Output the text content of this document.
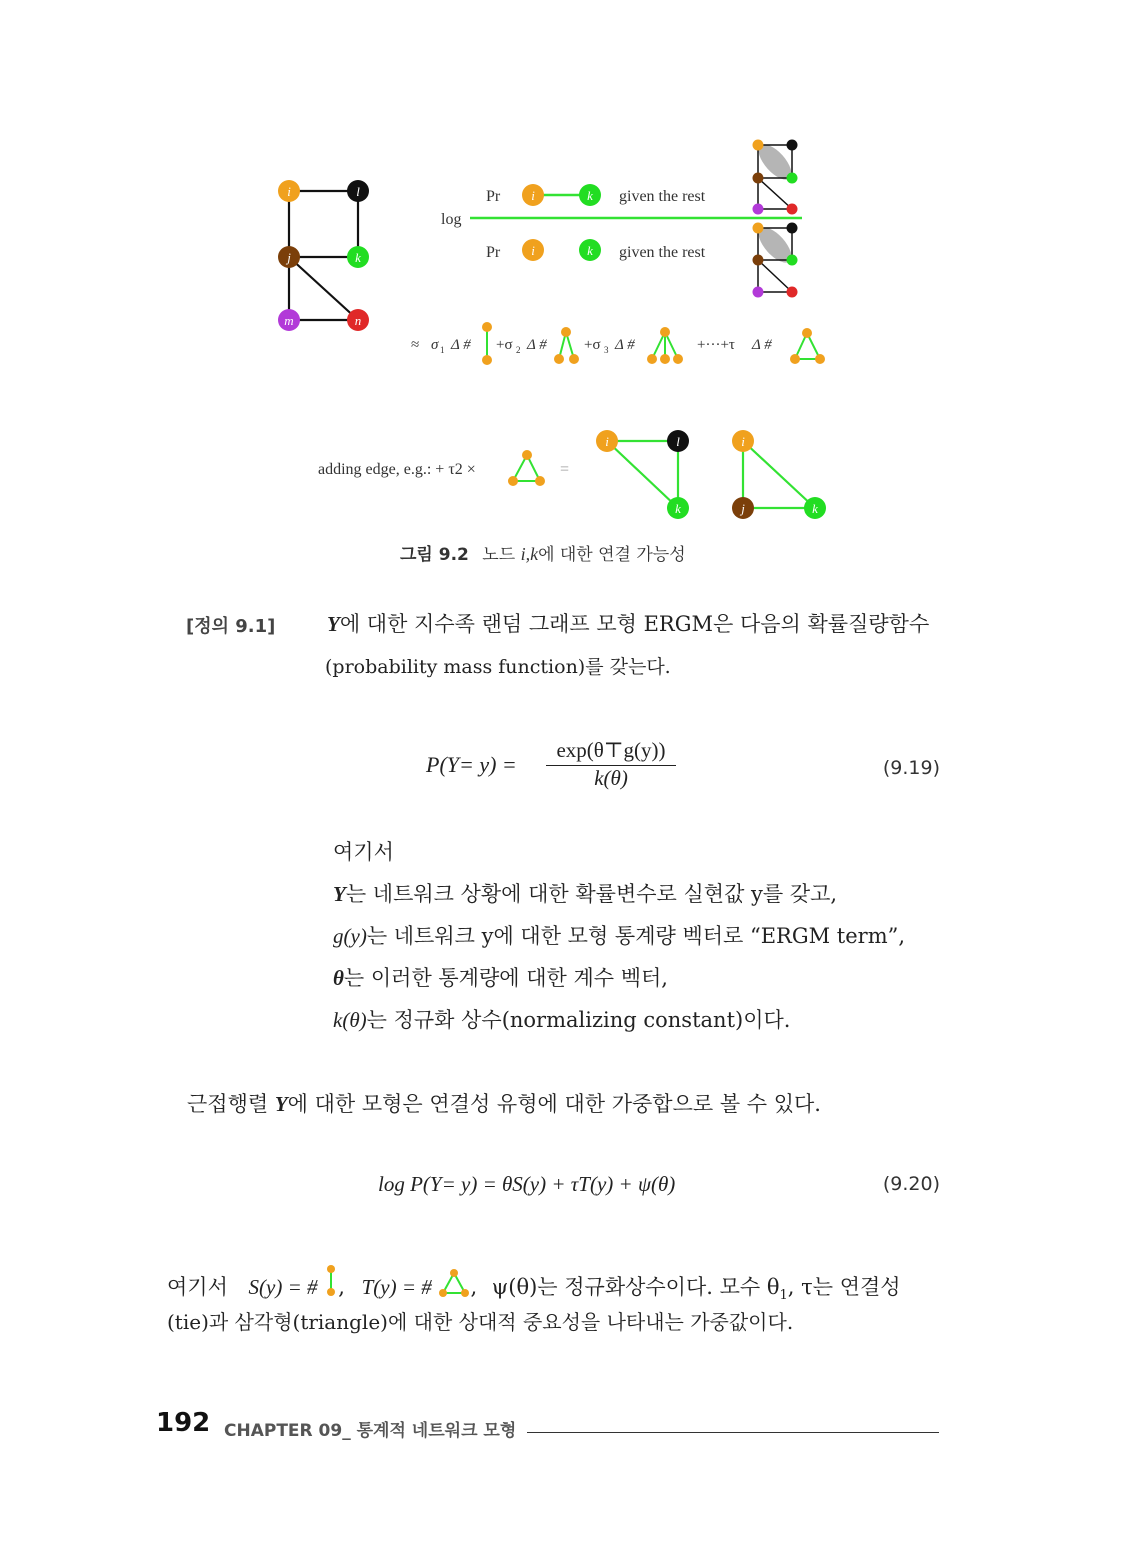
i	l
j	k
m	n
log
Pr i	k given the rest
Pr i	k given the rest
≈ σ 1 Δ # +σ 2 Δ # +σ 3 Δ #	+···+τ Δ #
adding edge, e.g.: + τ2 ×	=
i	l
k
i
j	k
그림 9.2 노드 i,k에 대한 연결 가능성
[정의 9.1] Y에 대한 지수족 랜덤 그래프 모형 ERGM은 다음의 확률질량함수
(probability mass function)를 갖는다.
$P(Y= y) = \frac{\exp(\theta⊤g(y))}{k(\theta)}$	(9.19)
여기서
Y는 네트워크 상황에 대한 확률변수로 실현값 y를 갖고,
g(y)는 네트워크 y에 대한 모형 통계량 벡터로 “ERGM term”,
θ는 이러한 통계량에 대한 계수 벡터,
k(θ)는 정규화 상수(normalizing constant)이다.
근접행렬 Y에 대한 모형은 연결성 유형에 대한 가중합으로 볼 수 있다.
log P(Y= y) = θS(y) + τT(y) + ψ(θ)	(9.20)
여기서 S(y) = # , T(y) = # , ψ(θ)는 정규화상수이다. 모수 $\theta_1$, τ는 연결성
(tie)과 삼각형(triangle)에 대한 상대적 중요성을 나타내는 가중값이다.
192 CHAPTER 09_ 통계적 네트워크 모형
